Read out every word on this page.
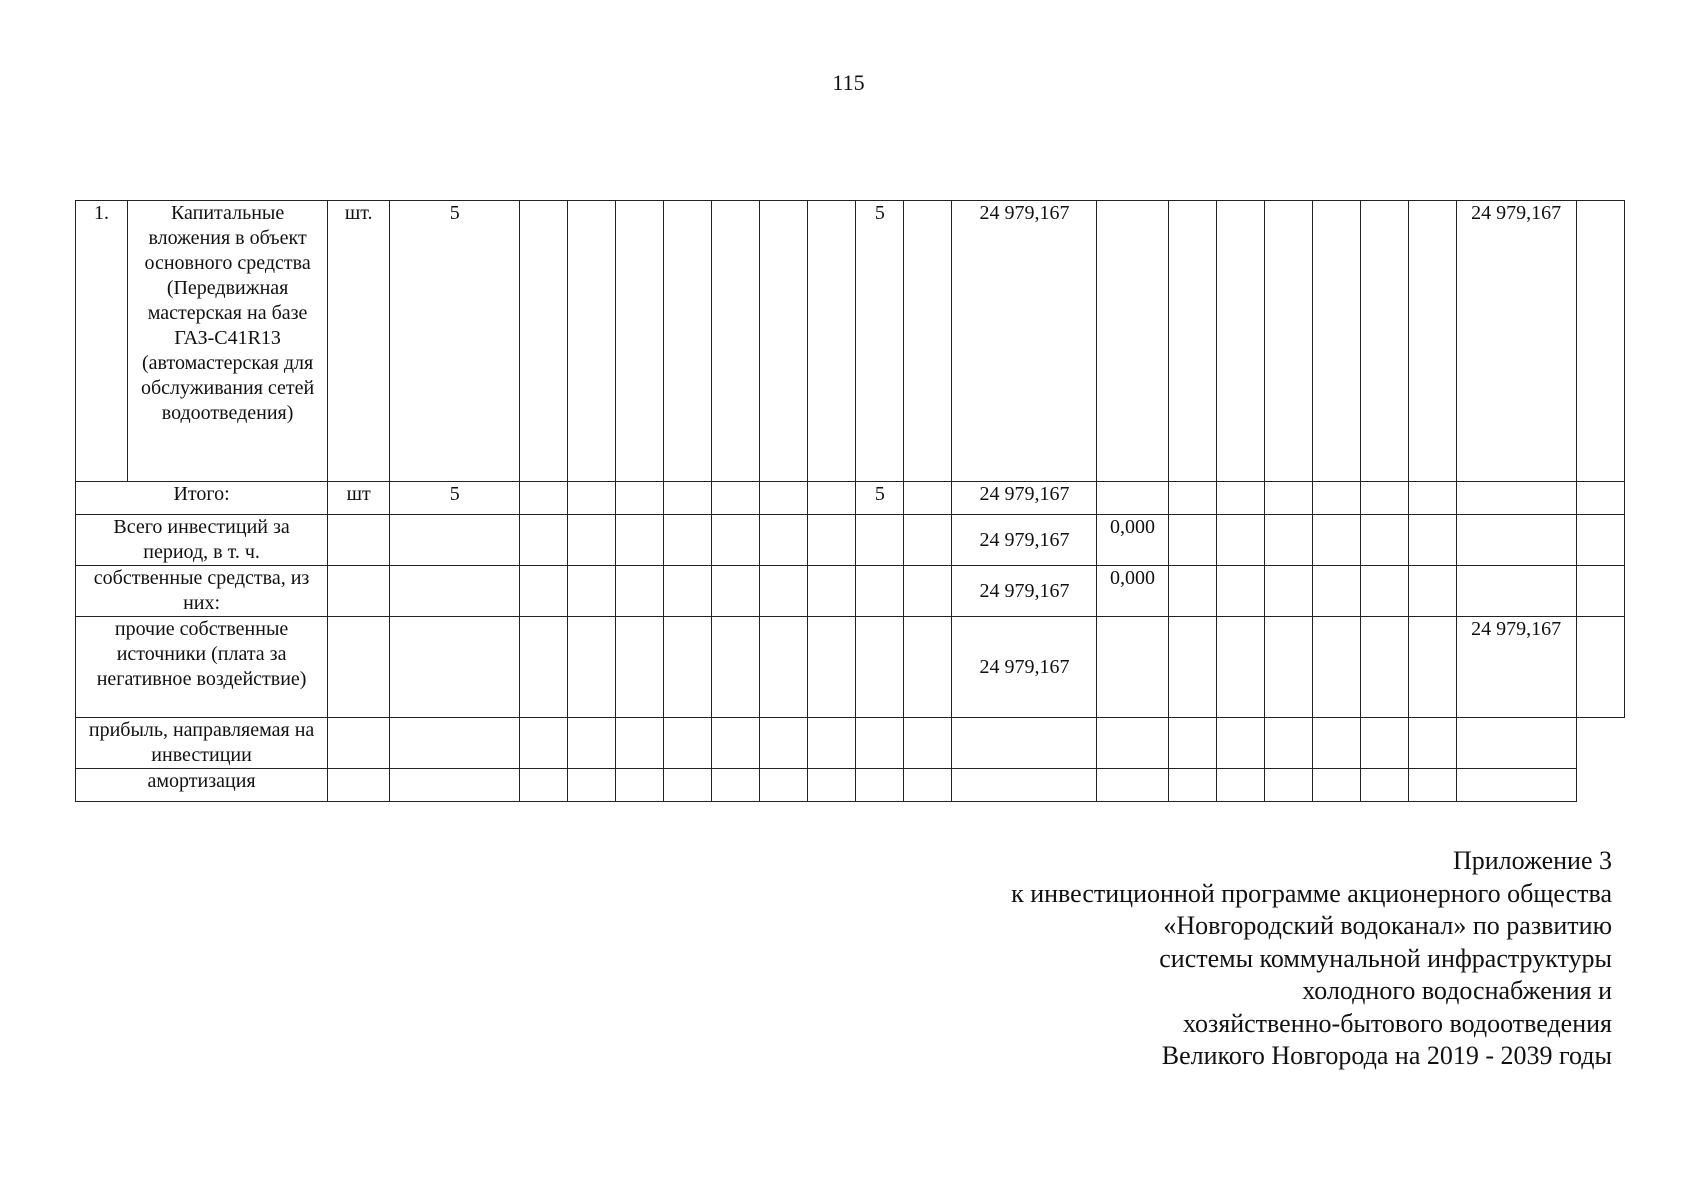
115
1.	Капитальные вложения в объект основного средства (Передвижная мастерская на базе ГАЗ-С41R13 (автомастерская для обслуживания сетей водоотведения)	шт.	5								5		24 979,167								24 979,167	
Итого:		шт	5								5		24 979,167									
Всего инвестиций за период, в т. ч.													24 979,167	0,000								
собственные средства, из них:													24 979,167	0,000								
прочие собственные источники (плата за негативное воздействие)													24 979,167								24 979,167	
прибыль, направляемая на инвестиции																						
амортизация																						
Приложение 3
к инвестиционной программе акционерного общества
«Новгородский водоканал» по развитию
системы коммунальной инфраструктуры
холодного водоснабжения и
хозяйственно-бытового водоотведения
Великого Новгорода на 2019 - 2039 годы
